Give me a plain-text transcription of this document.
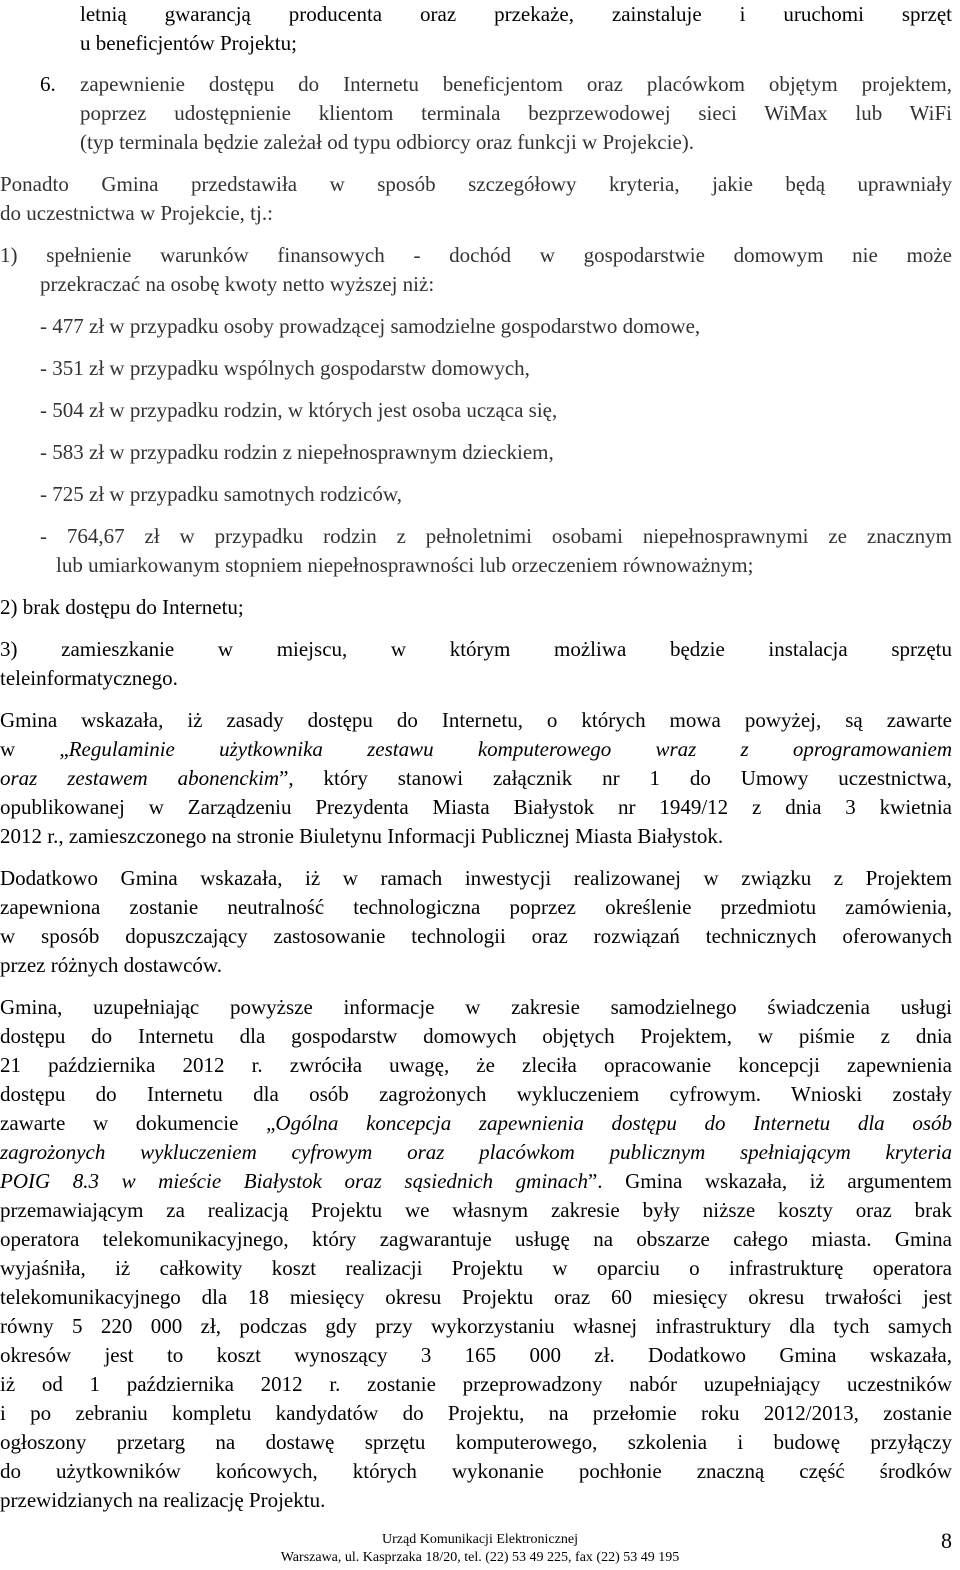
letnią gwarancją producenta oraz przekaże, zainstaluje i uruchomi sprzęt
u beneficjentów Projektu;
6. zapewnienie dostępu do Internetu beneficjentom oraz placówkom objętym projektem,
poprzez udostępnienie klientom terminala bezprzewodowej sieci WiMax lub WiFi
(typ terminala będzie zależał od typu odbiorcy oraz funkcji w Projekcie).
Ponadto Gmina przedstawiła w sposób szczegółowy kryteria, jakie będą uprawniały
do uczestnictwa w Projekcie, tj.:
1) spełnienie warunków finansowych - dochód w gospodarstwie domowym nie może
przekraczać na osobę kwoty netto wyższej niż:
- 477 zł w przypadku osoby prowadzącej samodzielne gospodarstwo domowe,
- 351 zł w przypadku wspólnych gospodarstw domowych,
- 504 zł w przypadku rodzin, w których jest osoba ucząca się,
- 583 zł w przypadku rodzin z niepełnosprawnym dzieckiem,
- 725 zł w przypadku samotnych rodziców,
- 764,67 zł w przypadku rodzin z pełnoletnimi osobami niepełnosprawnymi ze znacznym
lub umiarkowanym stopniem niepełnosprawności lub orzeczeniem równoważnym;
2) brak dostępu do Internetu;
3) zamieszkanie w miejscu, w którym możliwa będzie instalacja sprzętu
teleinformatycznego.
Gmina wskazała, iż zasady dostępu do Internetu, o których mowa powyżej, są zawarte
w „Regulaminie użytkownika zestawu komputerowego wraz z oprogramowaniem
oraz zestawem abonenckim”, który stanowi załącznik nr 1 do Umowy uczestnictwa,
opublikowanej w Zarządzeniu Prezydenta Miasta Białystok nr 1949/12 z dnia 3 kwietnia
2012 r., zamieszczonego na stronie Biuletynu Informacji Publicznej Miasta Białystok.
Dodatkowo Gmina wskazała, iż w ramach inwestycji realizowanej w związku z Projektem
zapewniona zostanie neutralność technologiczna poprzez określenie przedmiotu zamówienia,
w sposób dopuszczający zastosowanie technologii oraz rozwiązań technicznych oferowanych
przez różnych dostawców.
Gmina, uzupełniając powyższe informacje w zakresie samodzielnego świadczenia usługi
dostępu do Internetu dla gospodarstw domowych objętych Projektem, w piśmie z dnia
21 października 2012 r. zwróciła uwagę, że zleciła opracowanie koncepcji zapewnienia
dostępu do Internetu dla osób zagrożonych wykluczeniem cyfrowym. Wnioski zostały
zawarte w dokumencie „Ogólna koncepcja zapewnienia dostępu do Internetu dla osób
zagrożonych wykluczeniem cyfrowym oraz placówkom publicznym spełniającym kryteria
POIG 8.3 w mieście Białystok oraz sąsiednich gminach”. Gmina wskazała, iż argumentem
przemawiającym za realizacją Projektu we własnym zakresie były niższe koszty oraz brak
operatora telekomunikacyjnego, który zagwarantuje usługę na obszarze całego miasta. Gmina
wyjaśniła, iż całkowity koszt realizacji Projektu w oparciu o infrastrukturę operatora
telekomunikacyjnego dla 18 miesięcy okresu Projektu oraz 60 miesięcy okresu trwałości jest
równy 5 220 000 zł, podczas gdy przy wykorzystaniu własnej infrastruktury dla tych samych
okresów jest to koszt wynoszący 3 165 000 zł. Dodatkowo Gmina wskazała,
iż od 1 października 2012 r. zostanie przeprowadzony nabór uzupełniający uczestników
i po zebraniu kompletu kandydatów do Projektu, na przełomie roku 2012/2013, zostanie
ogłoszony przetarg na dostawę sprzętu komputerowego, szkolenia i budowę przyłączy
do użytkowników końcowych, których wykonanie pochłonie znaczną część środków
przewidzianych na realizację Projektu.
Urząd Komunikacji Elektronicznej
Warszawa, ul. Kasprzaka 18/20, tel. (22) 53 49 225, fax (22) 53 49 195
8
